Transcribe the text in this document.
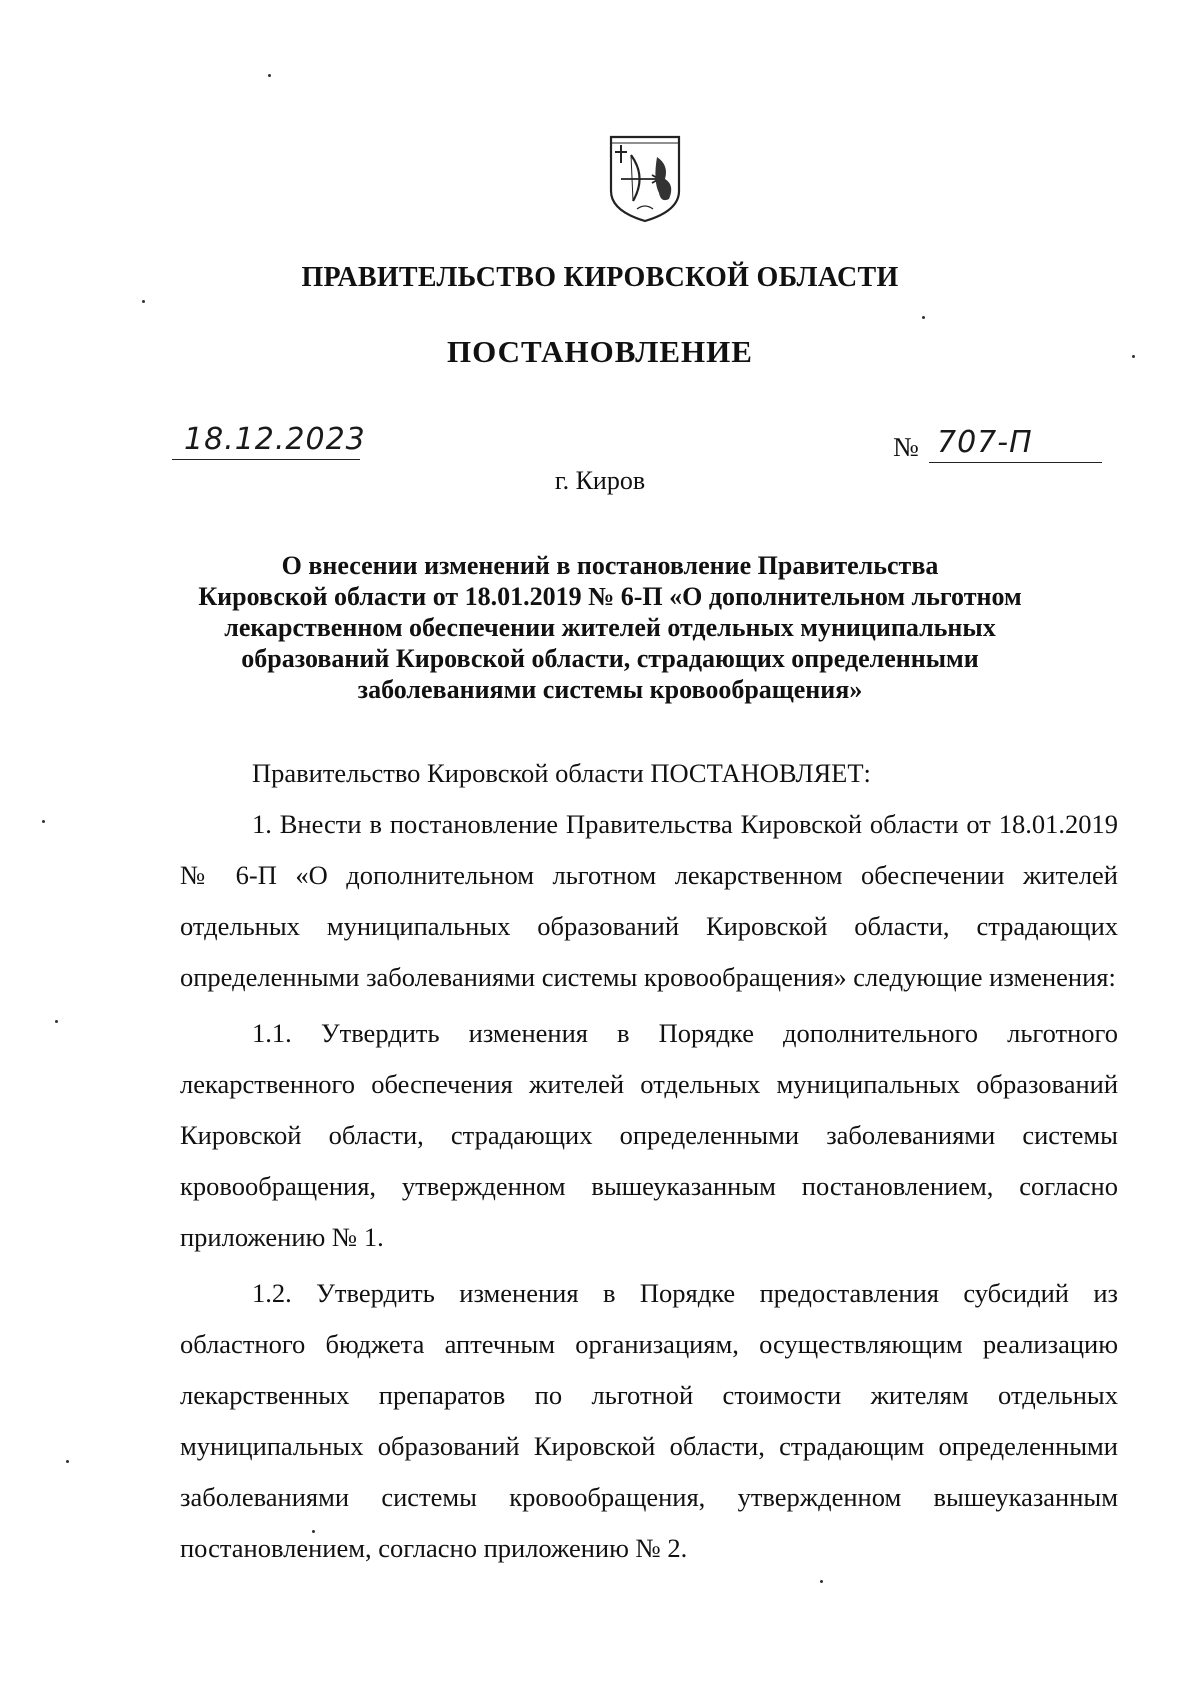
ПРАВИТЕЛЬСТВО КИРОВСКОЙ ОБЛАСТИ
ПОСТАНОВЛЕНИЕ
18.12.2023	№ 707-П
г. Киров
О внесении изменений в постановление Правительства
Кировской области от 18.01.2019 № 6-П «О дополнительном льготном
лекарственном обеспечении жителей отдельных муниципальных
образований Кировской области, страдающих определенными
заболеваниями системы кровообращения»

Правительство Кировской области ПОСТАНОВЛЯЕТ:

1. Внести в постановление Правительства Кировской области от 18.01.2019 № 6-П «О дополнительном льготном лекарственном обеспечении жителей отдельных муниципальных образований Кировской области, страдающих определенными заболеваниями системы кровообращения» следующие изменения:

1.1. Утвердить изменения в Порядке дополнительного льготного лекарственного обеспечения жителей отдельных муниципальных образований Кировской области, страдающих определенными заболеваниями системы кровообращения, утвержденном вышеуказанным постановлением, согласно приложению № 1.

1.2. Утвердить изменения в Порядке предоставления субсидий из областного бюджета аптечным организациям, осуществляющим реализацию лекарственных препаратов по льготной стоимости жителям отдельных муниципальных образований Кировской области, страдающим определенными заболеваниями системы кровообращения, утвержденном вышеуказанным постановлением, согласно приложению № 2.
